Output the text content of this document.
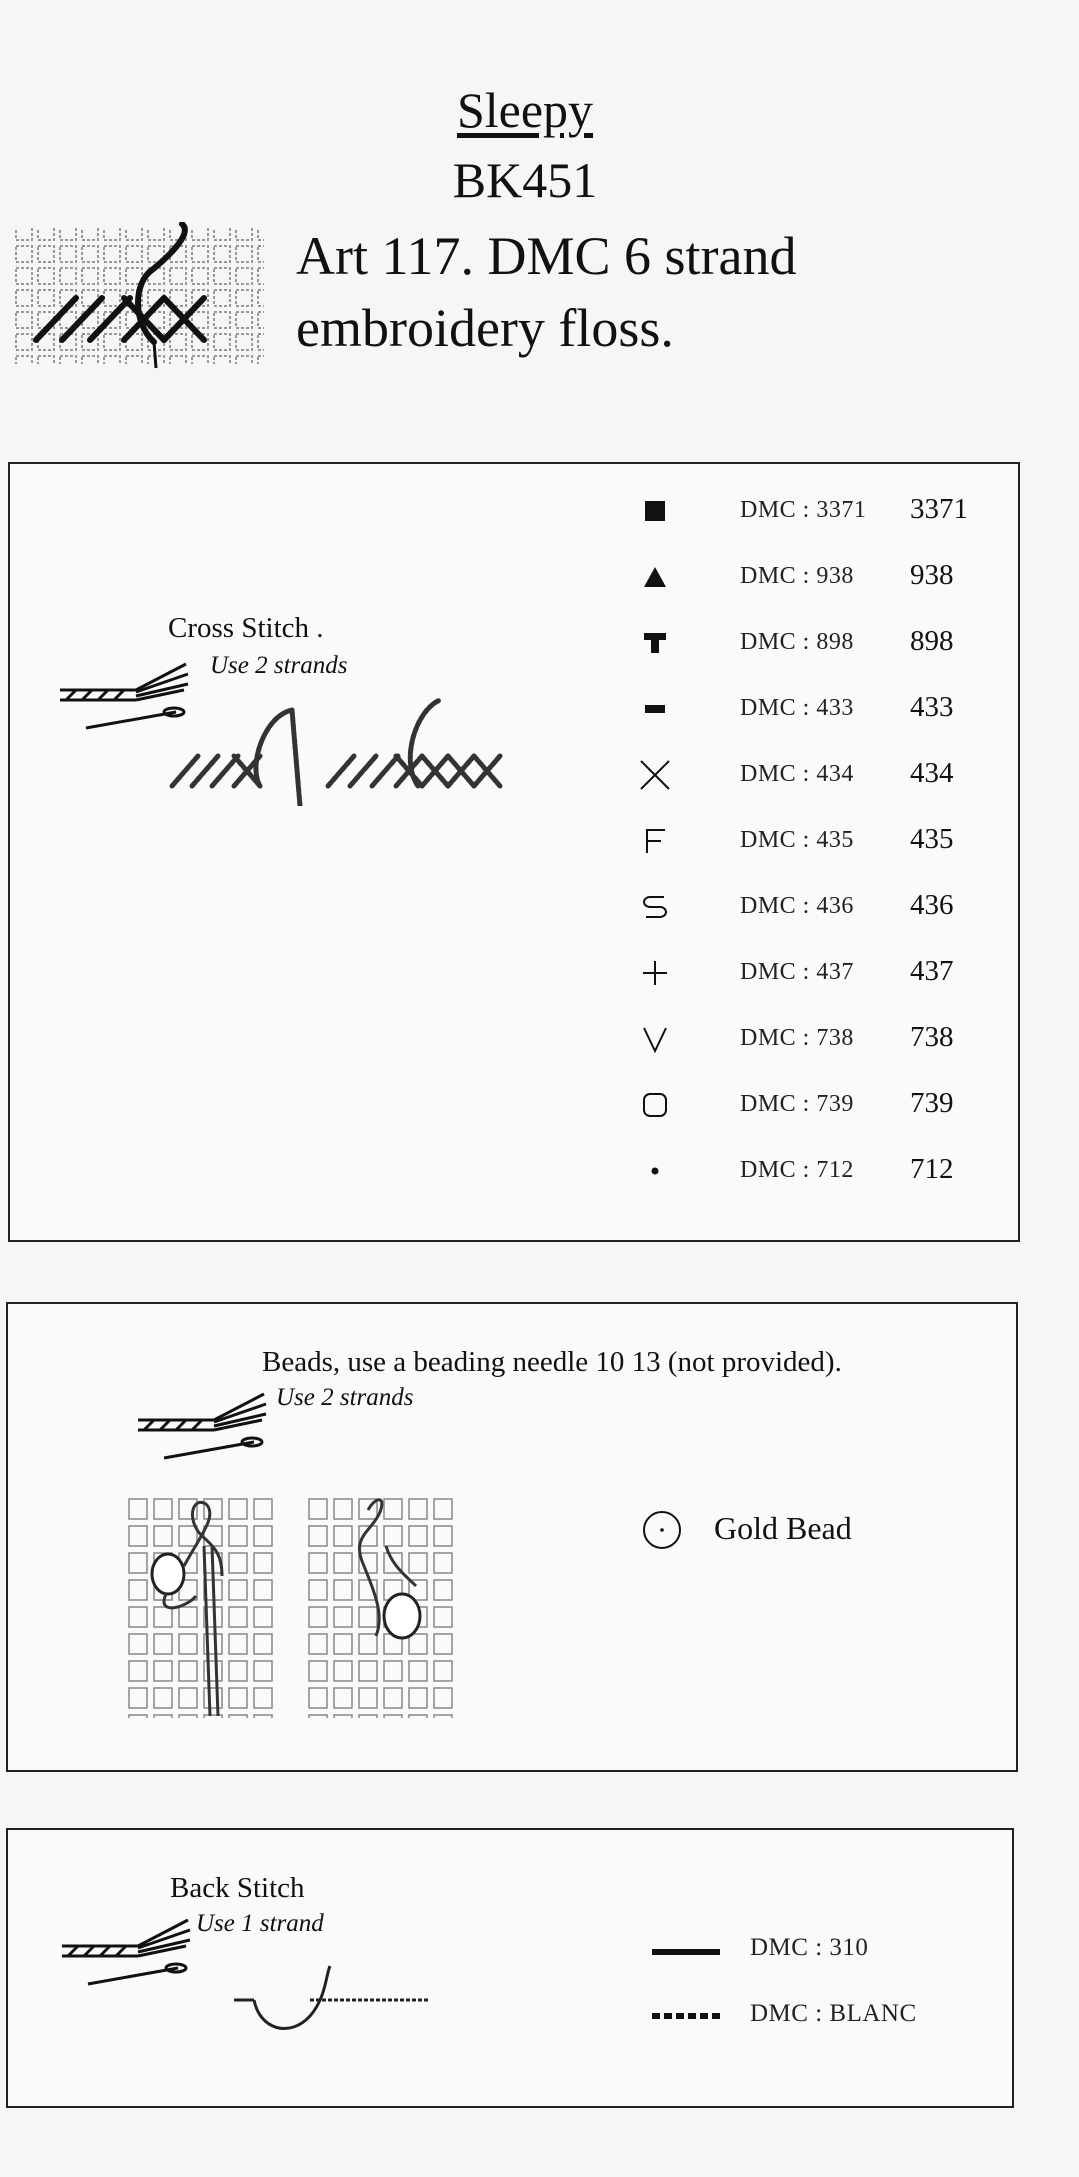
Sleepy
BK451
Art 117. DMC 6 strand
embroidery floss.
Cross Stitch .
Use 2 strands
DMC : 3371 3371
DMC : 938 938
DMC : 898 898
DMC : 433 433
DMC : 434 434
DMC : 435 435
DMC : 436 436
DMC : 437 437
DMC : 738 738
DMC : 739 739
DMC : 712 712
Beads, use a beading needle 10 13 (not provided).
Use 2 strands
Gold Bead
Back Stitch
Use 1 strand
DMC : 310
DMC : BLANC
